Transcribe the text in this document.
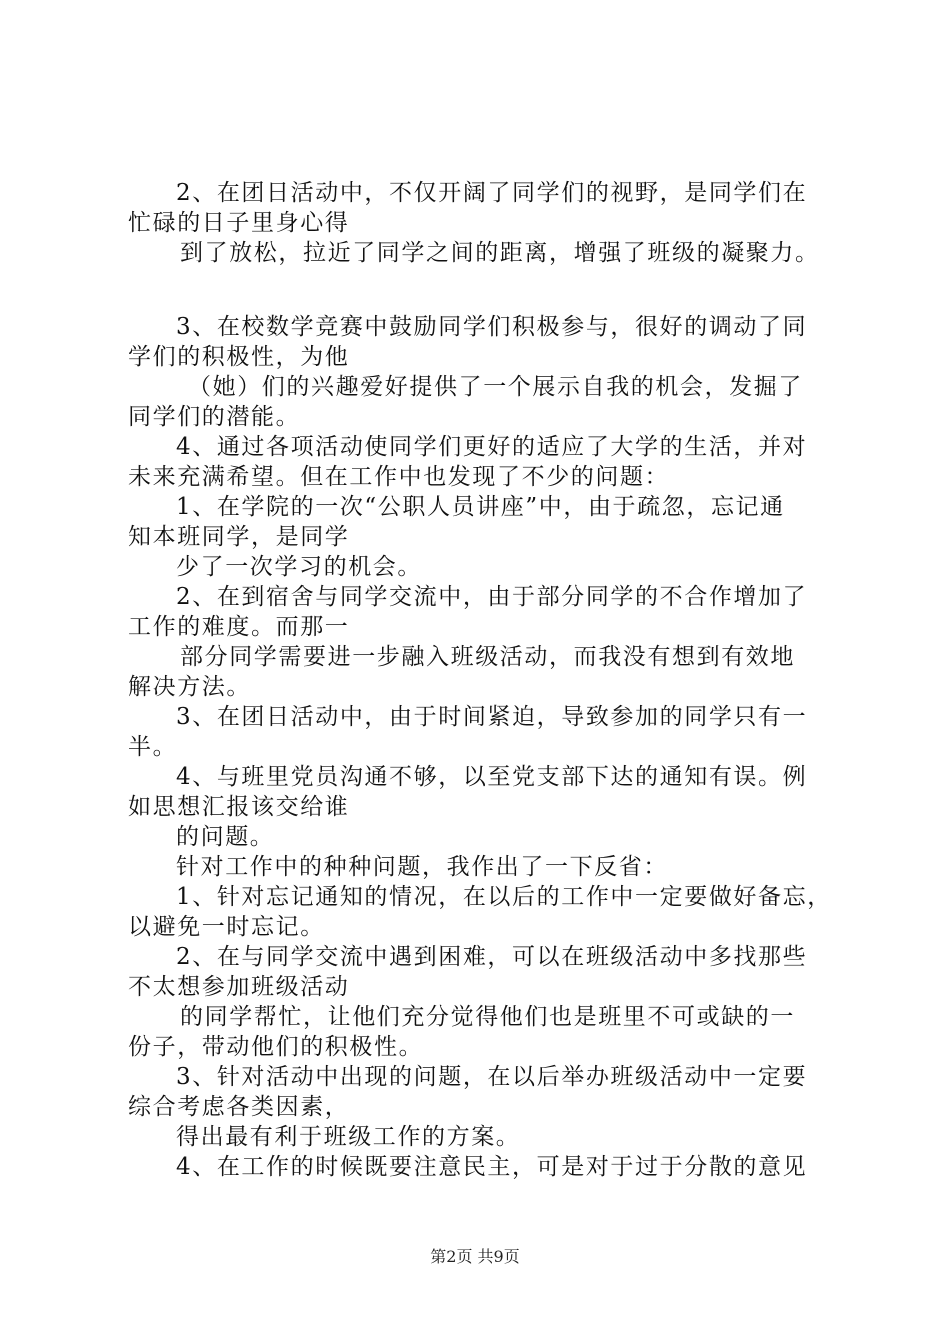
2、在团日活动中，不仅开阔了同学们的视野，是同学们在
忙碌的日子里身心得
到了放松，拉近了同学之间的距离，增强了班级的凝聚力。
3、在校数学竞赛中鼓励同学们积极参与，很好的调动了同
学们的积极性，为他
（她）们的兴趣爱好提供了一个展示自我的机会，发掘了
同学们的潜能。
4、通过各项活动使同学们更好的适应了大学的生活，并对
未来充满希望。但在工作中也发现了不少的问题：
1、在学院的一次“公职人员讲座”中，由于疏忽，忘记通
知本班同学，是同学
少了一次学习的机会。
2、在到宿舍与同学交流中，由于部分同学的不合作增加了
工作的难度。而那一
部分同学需要进一步融入班级活动，而我没有想到有效地
解决方法。
3、在团日活动中，由于时间紧迫，导致参加的同学只有一
半。
4、与班里党员沟通不够，以至党支部下达的通知有误。例
如思想汇报该交给谁
的问题。
针对工作中的种种问题，我作出了一下反省：
1、针对忘记通知的情况，在以后的工作中一定要做好备忘，
以避免一时忘记。
2、在与同学交流中遇到困难，可以在班级活动中多找那些
不太想参加班级活动
的同学帮忙，让他们充分觉得他们也是班里不可或缺的一
份子，带动他们的积极性。
3、针对活动中出现的问题，在以后举办班级活动中一定要
综合考虑各类因素，
得出最有利于班级工作的方案。
4、在工作的时候既要注意民主，可是对于过于分散的意见
第2页 共9页
